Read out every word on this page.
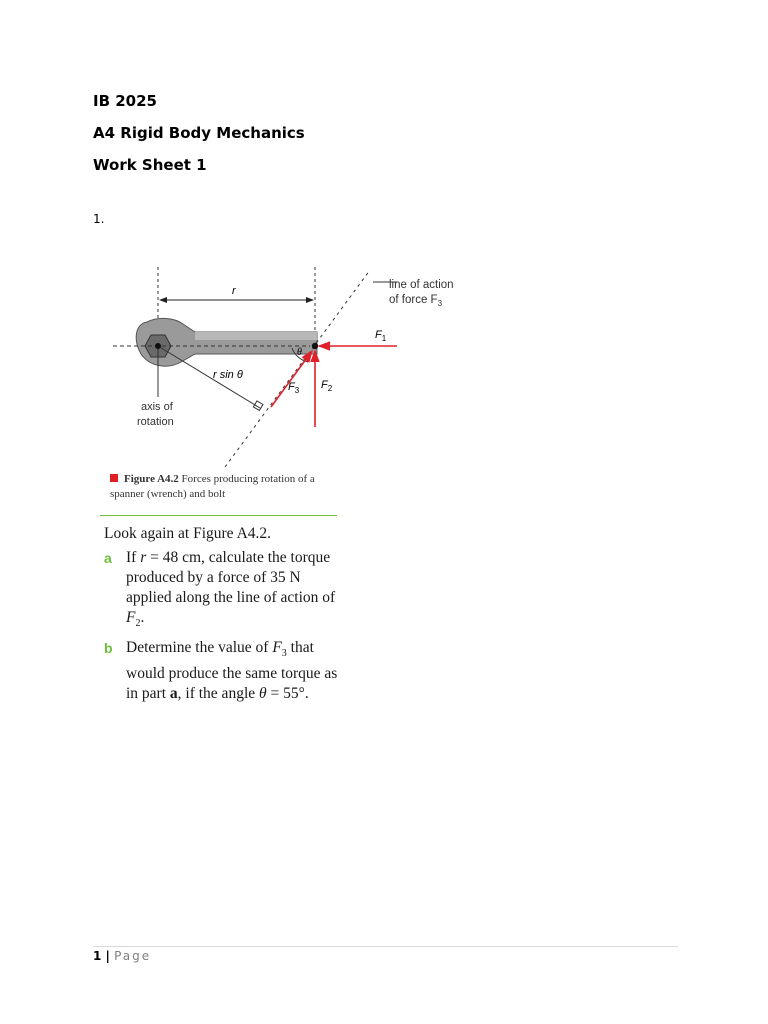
IB 2025
A4 Rigid Body Mechanics
Work Sheet 1
1.
r
r sin θ
axis of
rotation
θ
$F_1$
$F_2$
$F_3$
line of action
of force $F_3$
Figure A4.2 Forces producing rotation of a spanner (wrench) and bolt
Look again at Figure A4.2.
a If r = 48 cm, calculate the torque produced by a force of 35 N applied along the line of action of $F_2$.
b Determine the value of $F_3$ that would produce the same torque as in part a, if the angle θ = 55°.
1 | Page
